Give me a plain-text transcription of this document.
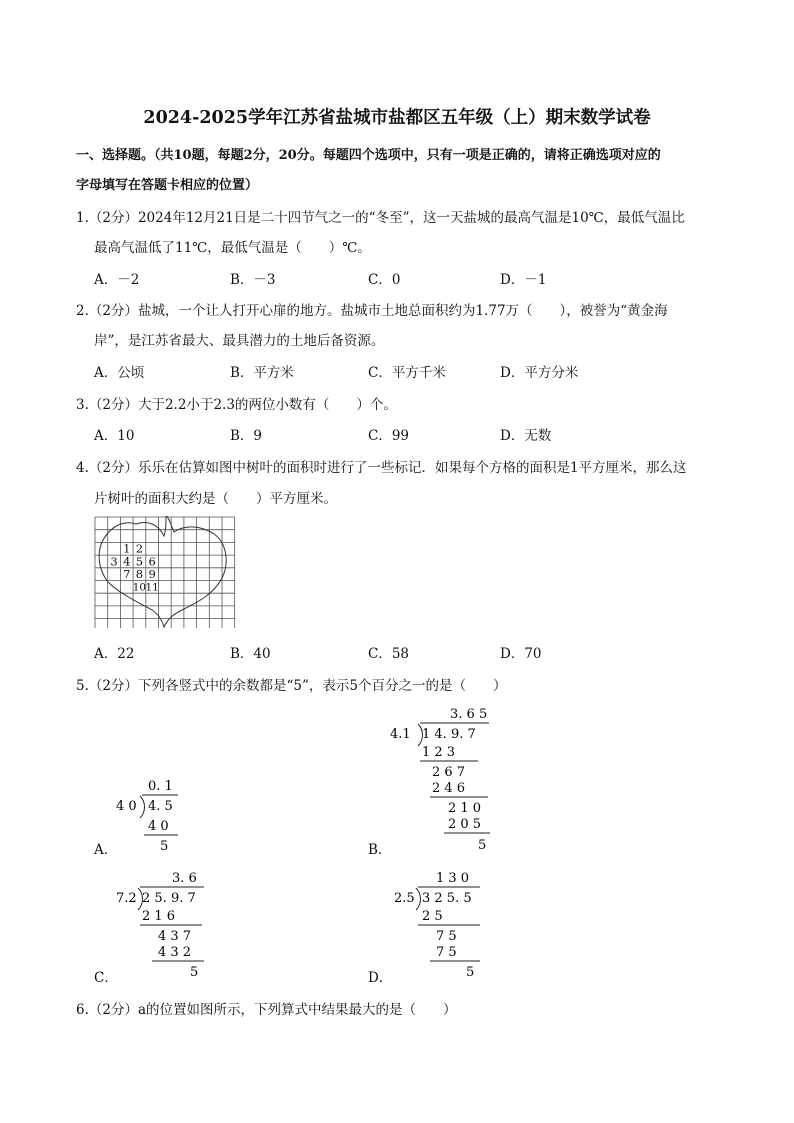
2024-2025学年江苏省盐城市盐都区五年级（上）期末数学试卷
一、选择题。（共10题，每题2分，20分。每题四个选项中，只有一项是正确的，请将正确选项对应的
字母填写在答题卡相应的位置）
1.（2分）2024年12月21日是二十四节气之一的“冬至”，这一天盐城的最高气温是10℃，最低气温比
最高气温低了11℃，最低气温是（　　）℃。
A．－2	B．－3	C．0	D．－1
2.（2分）盐城，一个让人打开心扉的地方。盐城市土地总面积约为1.77万（　　），被誉为“黄金海
岸”，是江苏省最大、最具潜力的土地后备资源。
A．公顷	B．平方米	C．平方千米	D．平方分米
3.（2分）大于2.2小于2.3的两位小数有（　　）个。
A．10	B．9	C．99	D．无数
4.（2分）乐乐在估算如图中树叶的面积时进行了一些标记．如果每个方格的面积是1平方厘米，那么这
片树叶的面积大约是（　　）平方厘米。
1 2
3 4 5 6
7 8 9
10 11
A．22	B．40	C．58	D．70
5.（2分）下列各竖式中的余数都是“5”，表示5个百分之一的是（　　）
3. 6 5
4.1 1 4. 9. 7
1 2 3
2 6 7
2 4 6
2 1 0
2 0 5
5
0. 1
4 0 4. 5
4 0
5
A．	B．
3. 6
7.2 2 5. 9. 7
2 1 6
4 3 7
4 3 2
5
1 3 0
2.5 3 2 5. 5
2 5
7 5
7 5
5
C．	D．
6.（2分）a的位置如图所示，下列算式中结果最大的是（　　）
